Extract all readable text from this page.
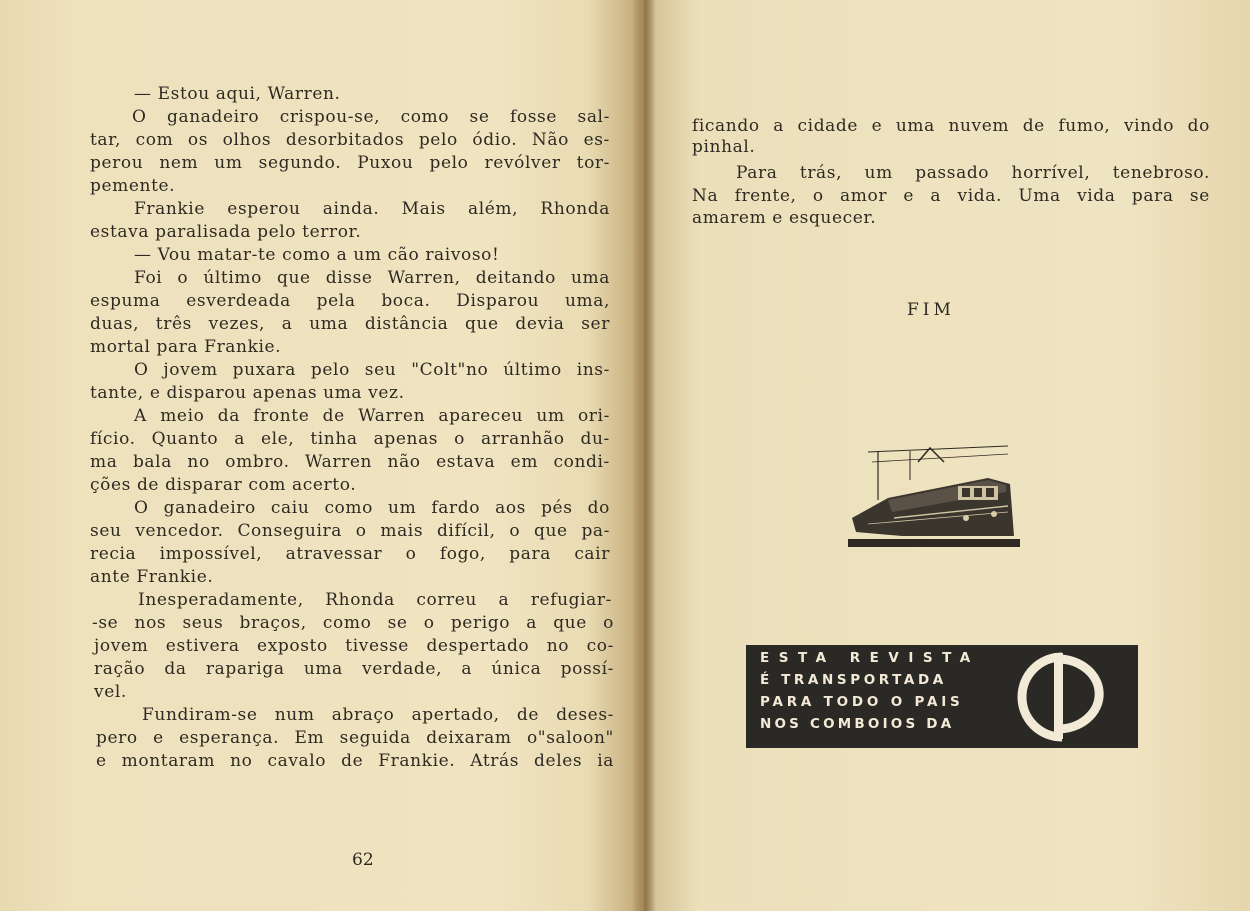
— Estou aqui, Warren.
O ganadeiro crispou-se, como se fosse sal-
tar, com os olhos desorbitados pelo ódio. Não es-
perou nem um segundo. Puxou pelo revólver tor-
pemente.
Frankie esperou ainda. Mais além, Rhonda
estava paralisada pelo terror.
— Vou matar-te como a um cão raivoso!
Foi o último que disse Warren, deitando uma
espuma esverdeada pela boca. Disparou uma,
duas, três vezes, a uma distância que devia ser
mortal para Frankie.
O jovem puxara pelo seu "Colt"no último ins-
tante, e disparou apenas uma vez.
A meio da fronte de Warren apareceu um ori-
fício. Quanto a ele, tinha apenas o arranhão du-
ma bala no ombro. Warren não estava em condi-
ções de disparar com acerto.
O ganadeiro caiu como um fardo aos pés do
seu vencedor. Conseguira o mais difícil, o que pa-
recia impossível, atravessar o fogo, para cair
ante Frankie.
Inesperadamente, Rhonda correu a refugiar-
-se nos seus braços, como se o perigo a que o
jovem estivera exposto tivesse despertado no co-
ração da rapariga uma verdade, a única possí-
vel.
Fundiram-se num abraço apertado, de deses-
pero e esperança. Em seguida deixaram o"saloon"
e montaram no cavalo de Frankie. Atrás deles ia
62
ficando a cidade e uma nuvem de fumo, vindo do
pinhal.
Para trás, um passado horrível, tenebroso.
Na frente, o amor e a vida. Uma vida para se
amarem e esquecer.
FIM
ESTA REVISTA
É TRANSPORTADA
PARA TODO O PAIS
NOS COMBOIOS DA
